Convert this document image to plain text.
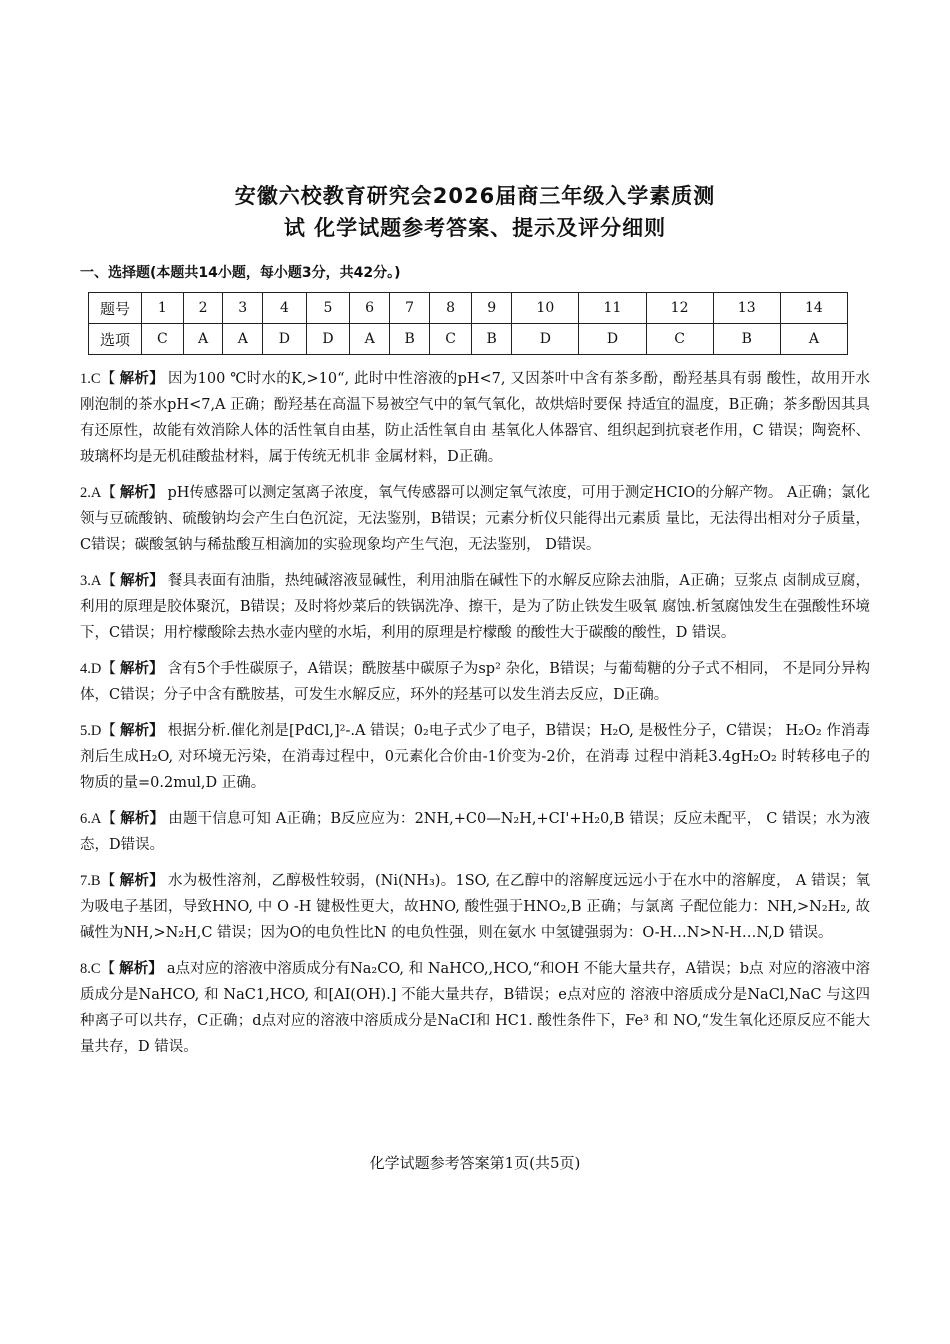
安徽六校教育研究会2026届商三年级入学素质测
试 化学试题参考答案、提示及评分细则

一、选择题(本题共14小题，每小题3分，共42分。)

题号	1	2	3	4	5	6	7	8	9	10	11	12	13	14
选项	C	A	A	D	D	A	B	C	B	D	D	C	B	A

1.C【 解析】 因为100 ℃时水的K,>10“, 此时中性溶液的pH<7, 又因茶叶中含有茶多酚，酚羟基具有弱 酸性，故用开水刚泡制的茶水pH<7,A 正确；酚羟基在高温下易被空气中的氧气氧化，故烘焙时要保 持适宜的温度，B正确；茶多酚因其具有还原性，故能有效消除人体的活性氧自由基，防止活性氧自由 基氧化人体器官、组织起到抗衰老作用，C 错误；陶瓷杯、玻璃杯均是无机硅酸盐材料，属于传统无机非 金属材料，D正确。

2.A【 解析】 pH传感器可以测定氢离子浓度，氧气传感器可以测定氧气浓度，可用于测定HCIO的分解产物。 A正确；氯化领与豆硫酸钠、硫酸钠均会产生白色沉淀，无法鉴别，B错误；元素分析仪只能得出元素质 量比，无法得出相对分子质量，C错误；碳酸氢钠与稀盐酸互相滴加的实验现象均产生气泡，无法鉴别， D错误。

3.A【 解析】 餐具表面有油脂，热纯碱溶液显碱性，利用油脂在碱性下的水解反应除去油脂，A正确；豆浆点 卤制成豆腐，利用的原理是胶体聚沉，B错误；及时将炒菜后的铁锅洗净、擦干，是为了防止铁发生吸氧 腐蚀.析氢腐蚀发生在强酸性环境下，C错误；用柠檬酸除去热水壶内壁的水垢，利用的原理是柠檬酸 的酸性大于碳酸的酸性，D 错误。

4.D【 解析】 含有5个手性碳原子，A错误；酰胺基中碳原子为sp² 杂化，B错误；与葡萄糖的分子式不相同， 不是同分异构体，C错误；分子中含有酰胺基，可发生水解反应，环外的羟基可以发生消去反应，D正确。

5.D【 解析】 根据分析.催化剂是[PdCl,]²-.A 错误；0₂电子式少了电子，B错误；H₂O, 是极性分子，C错误； H₂O₂ 作消毒剂后生成H₂O, 对环境无污染，在消毒过程中，0元素化合价由-1价变为-2价，在消毒 过程中消耗3.4gH₂O₂ 时转移电子的物质的量=0.2mul,D 正确。

6.A【 解析】 由题干信息可知 A正确；B反应应为：2NH,+C0—N₂H,+CI'+H₂0,B 错误；反应未配平， C 错误；水为液态，D错误。

7.B【 解析】 水为极性溶剂，乙醇极性较弱，(Ni(NH₃)。1SO, 在乙醇中的溶解度远远小于在水中的溶解度， A 错误；氧为吸电子基团，导致HNO, 中 O -H 键极性更大，故HNO, 酸性强于HNO₂,B 正确；与氯离 子配位能力：NH,>N₂H₂, 故碱性为NH,>N₂H,C 错误；因为O的电负性比N 的电负性强，则在氨水 中氢键强弱为：O-H…N>N-H…N,D 错误。

8.C【 解析】 a点对应的溶液中溶质成分有Na₂CO, 和 NaHCO,,HCO,“和OH 不能大量共存，A错误；b点 对应的溶液中溶质成分是NaHCO, 和 NaC1,HCO, 和[AI(OH).] 不能大量共存，B错误；e点对应的 溶液中溶质成分是NaCl,NaC 与这四种离子可以共存，C正确；d点对应的溶液中溶质成分是NaCI和 HC1. 酸性条件下，Fe³ 和 NO,“发生氧化还原反应不能大量共存，D 错误。

化学试题参考答案第1页(共5页)
